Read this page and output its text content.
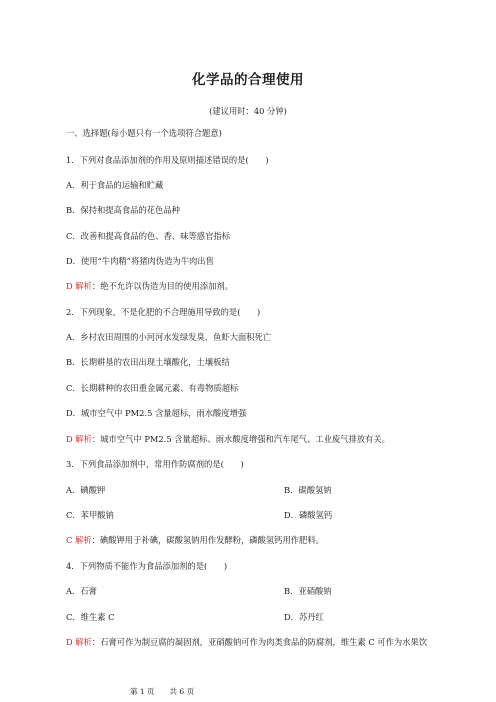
化学品的合理使用
(建议用时：40 分钟)
一、选择题(每小题只有一个选项符合题意)
1．下列对食品添加剂的作用及原则描述错误的是(　　)
A．利于食品的运输和贮藏
B．保持和提高食品的花色品种
C．改善和提高食品的色、香、味等感官指标
D．使用“牛肉精”将猪肉伪造为牛肉出售
D 解析：绝不允许以伪造为目的使用添加剂。
2．下列现象，不是化肥的不合理施用导致的是(　　)
A．乡村农田周围的小河河水发绿发臭，鱼虾大面积死亡
B．长期耕垦的农田出现土壤酸化，土壤板结
C．长期耕种的农田重金属元素、有毒物质超标
D．城市空气中 PM2.5 含量超标，雨水酸度增强
D 解析：城市空气中 PM2.5 含量超标、雨水酸度增强和汽车尾气、工业废气排放有关。
3．下列食品添加剂中，常用作防腐剂的是(　　)
A．碘酸钾	B．碳酸氢钠
C．苯甲酸钠	D．磷酸氢钙
C 解析：碘酸钾用于补碘，碳酸氢钠用作发酵粉，磷酸氢钙用作肥料。
4．下列物质不能作为食品添加剂的是(　　)
A．石膏	B．亚硝酸钠
C．维生素 C	D．苏丹红
D 解析：石膏可作为制豆腐的凝固剂，亚硝酸钠可作为肉类食品的防腐剂，维生素 C 可作为水果饮
第 1 页　　共 6 页
